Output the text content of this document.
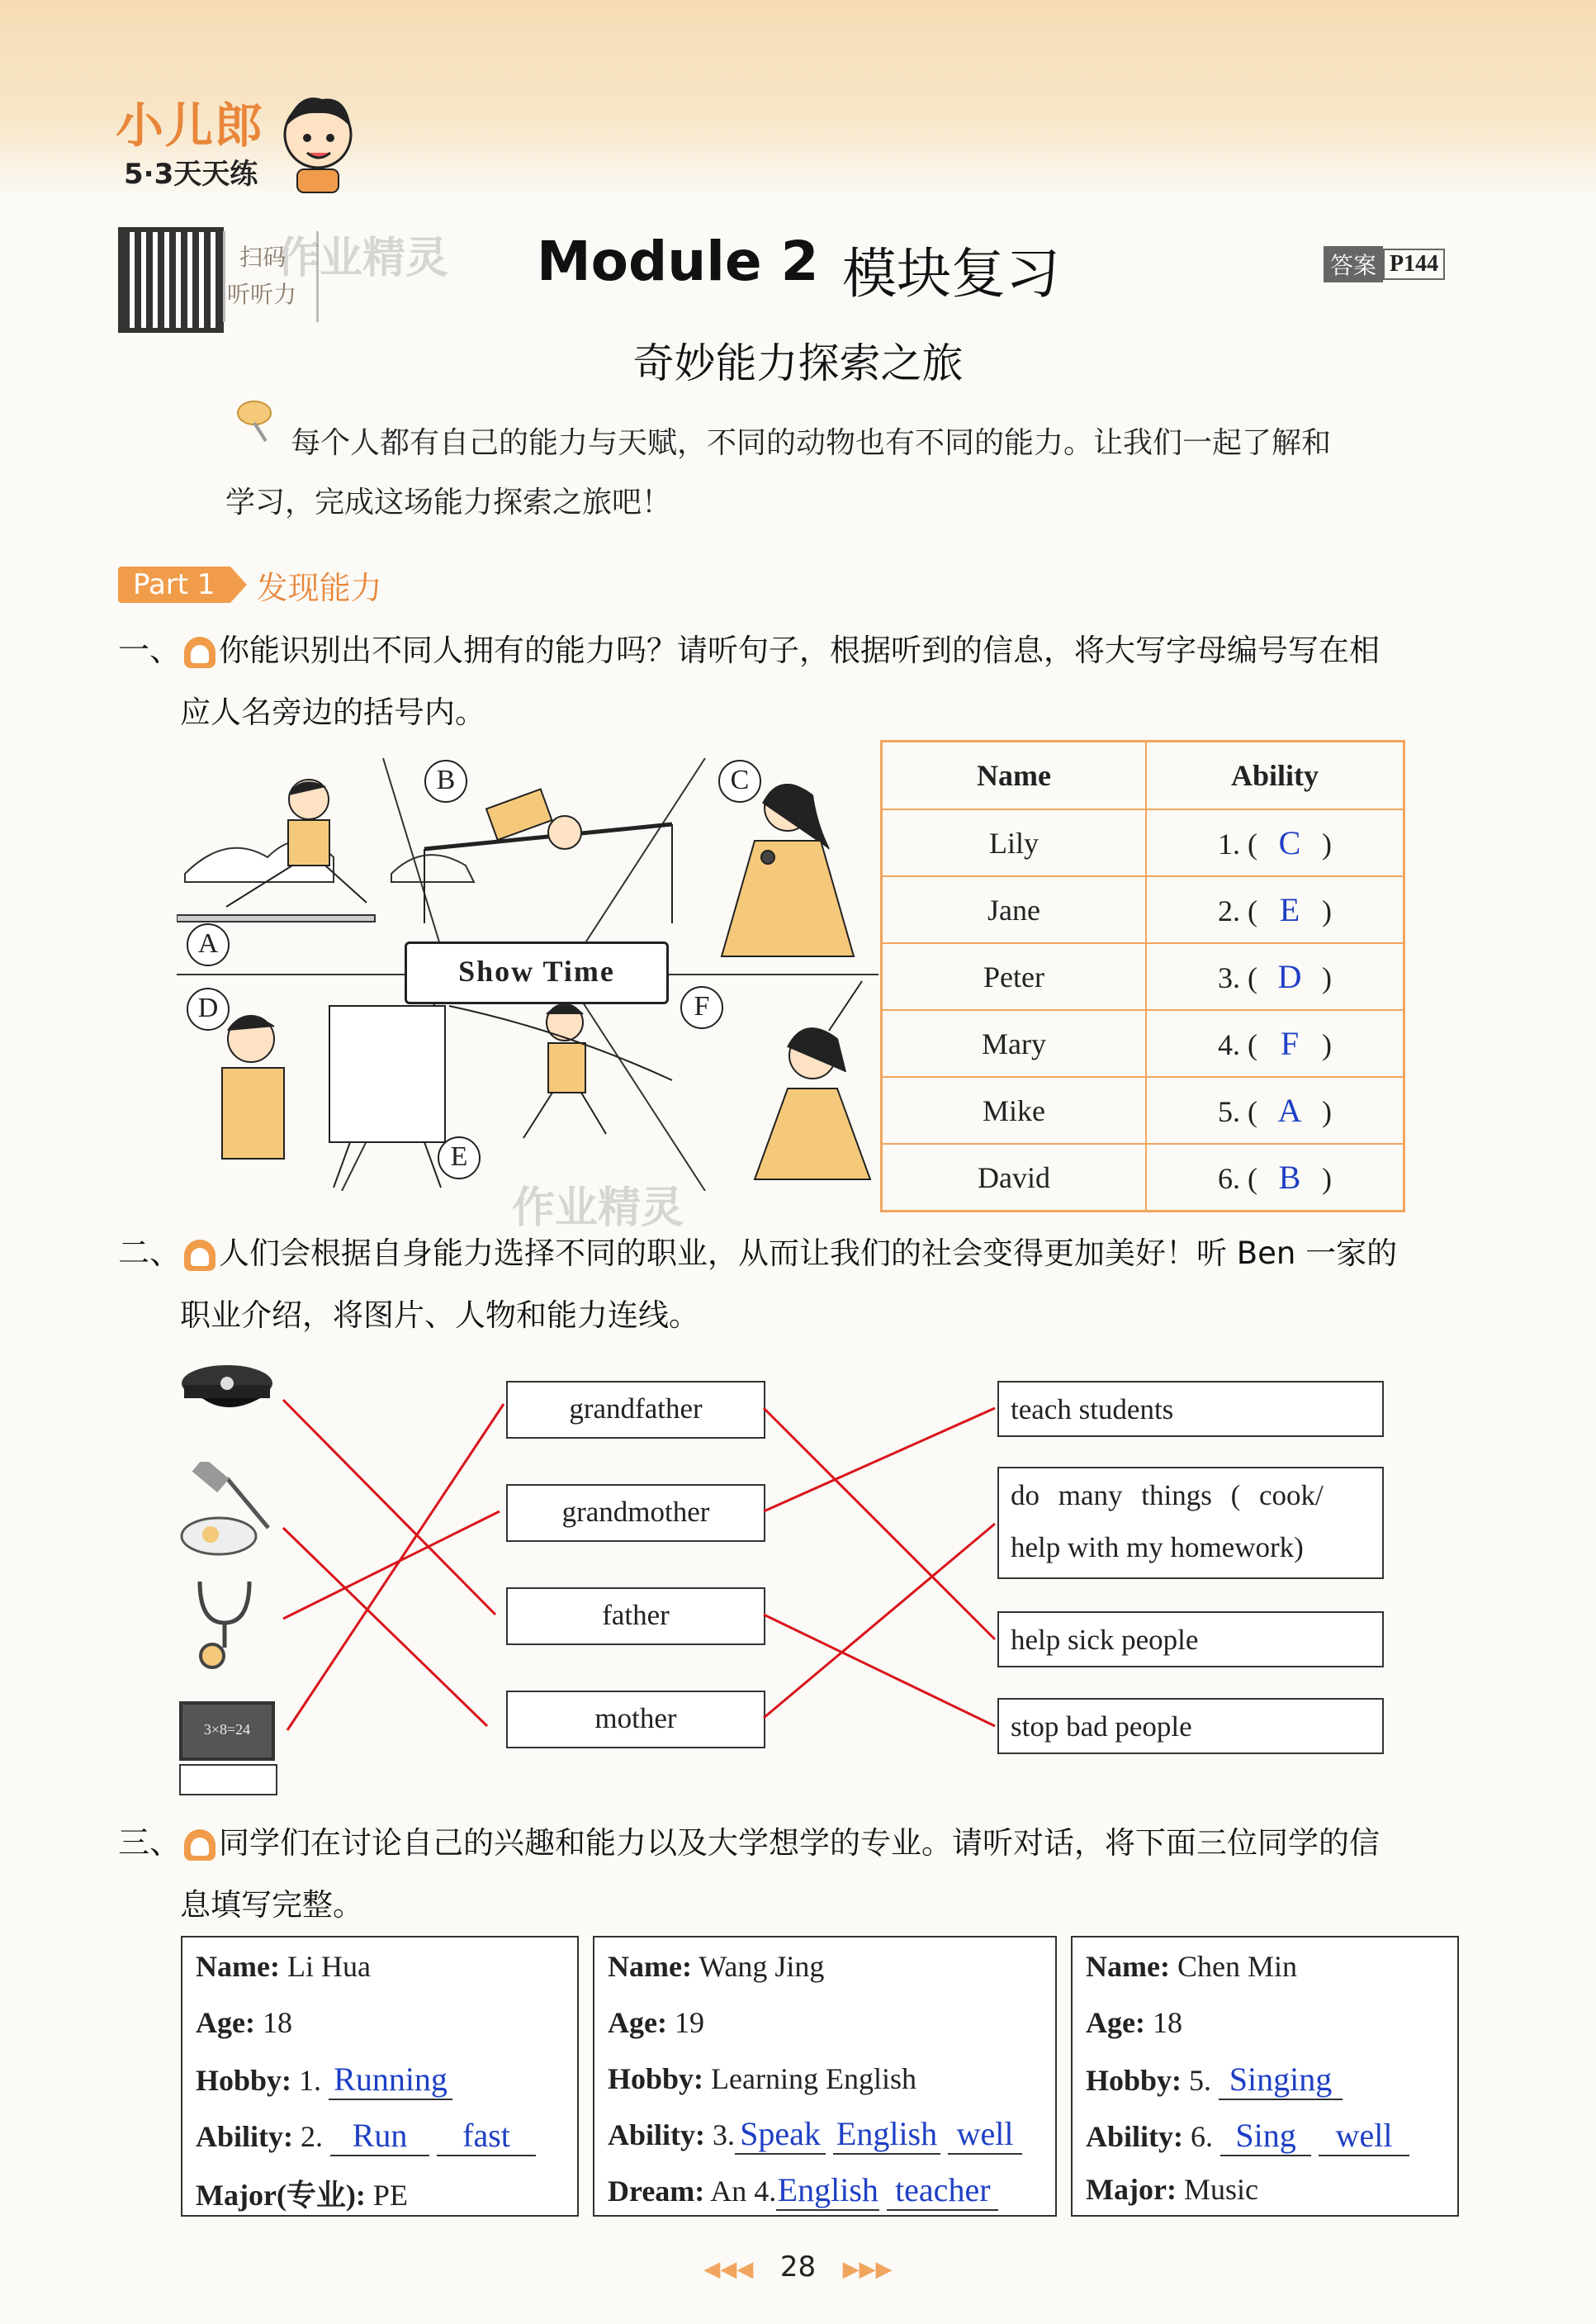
小儿郎
5·3天天练
扫码
听听力
作业精灵 Module 2 模块复习	答案 P144
奇妙能力探索之旅
每个人都有自己的能力与天赋，不同的动物也有不同的能力。让我们一起了解和
学习，完成这场能力探索之旅吧！
Part 1	发现能力
一、 你能识别出不同人拥有的能力吗？请听句子，根据听到的信息，将大写字母编号写在相
应人名旁边的括号内。
B	C
A
D	F
E
Show Time
作业精灵
Name	Ability
Lily	1. ( C )
Jane	2. ( E )
Peter	3. ( D )
Mary	4. ( F )
Mike	5. ( A )
David	6. ( B )
二、 人们会根据自身能力选择不同的职业，从而让我们的社会变得更加美好！听 Ben 一家的
职业介绍，将图片、人物和能力连线。
3×8=24
grandfather
grandmother
father
mother
teach students
do many things ( cook/
help with my homework)
help sick people
stop bad people
三、 同学们在讨论自己的兴趣和能力以及大学想学的专业。请听对话，将下面三位同学的信
息填写完整。
Name: Li Hua
Age: 18
Hobby: 1. Running
Ability: 2. Run fast
Major(专业): PE
Name: Wang Jing
Age: 19
Hobby: Learning English
Ability: 3. Speak English well
Dream: An 4.English teacher
Name: Chen Min
Age: 18
Hobby: 5. Singing
Ability: 6. Sing well
Major: Music
◀◀◀ 28 ▶▶▶
